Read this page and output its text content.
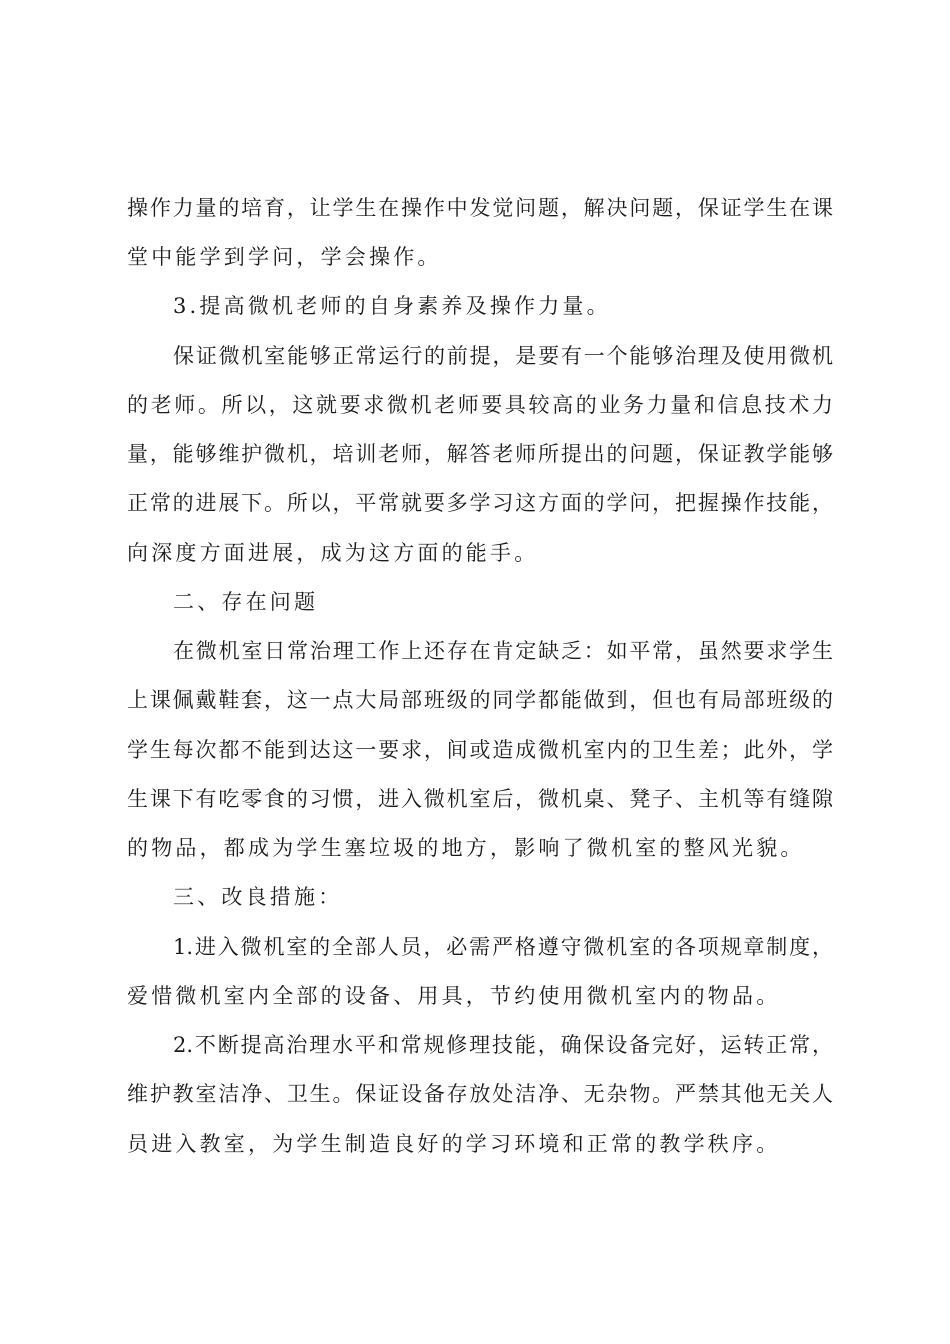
操作力量的培育，让学生在操作中发觉问题，解决问题，保证学生在课
堂中能学到学问，学会操作。
3.提高微机老师的自身素养及操作力量。
保证微机室能够正常运行的前提，是要有一个能够治理及使用微机
的老师。所以，这就要求微机老师要具较高的业务力量和信息技术力
量，能够维护微机，培训老师，解答老师所提出的问题，保证教学能够
正常的进展下。所以，平常就要多学习这方面的学问，把握操作技能，
向深度方面进展，成为这方面的能手。
二、存在问题
在微机室日常治理工作上还存在肯定缺乏：如平常，虽然要求学生
上课佩戴鞋套，这一点大局部班级的同学都能做到，但也有局部班级的
学生每次都不能到达这一要求，间或造成微机室内的卫生差；此外，学
生课下有吃零食的习惯，进入微机室后，微机桌、凳子、主机等有缝隙
的物品，都成为学生塞垃圾的地方，影响了微机室的整风光貌。
三、改良措施：
1.进入微机室的全部人员，必需严格遵守微机室的各项规章制度，
爱惜微机室内全部的设备、用具，节约使用微机室内的物品。
2.不断提高治理水平和常规修理技能，确保设备完好，运转正常，
维护教室洁净、卫生。保证设备存放处洁净、无杂物。严禁其他无关人
员进入教室，为学生制造良好的学习环境和正常的教学秩序。
